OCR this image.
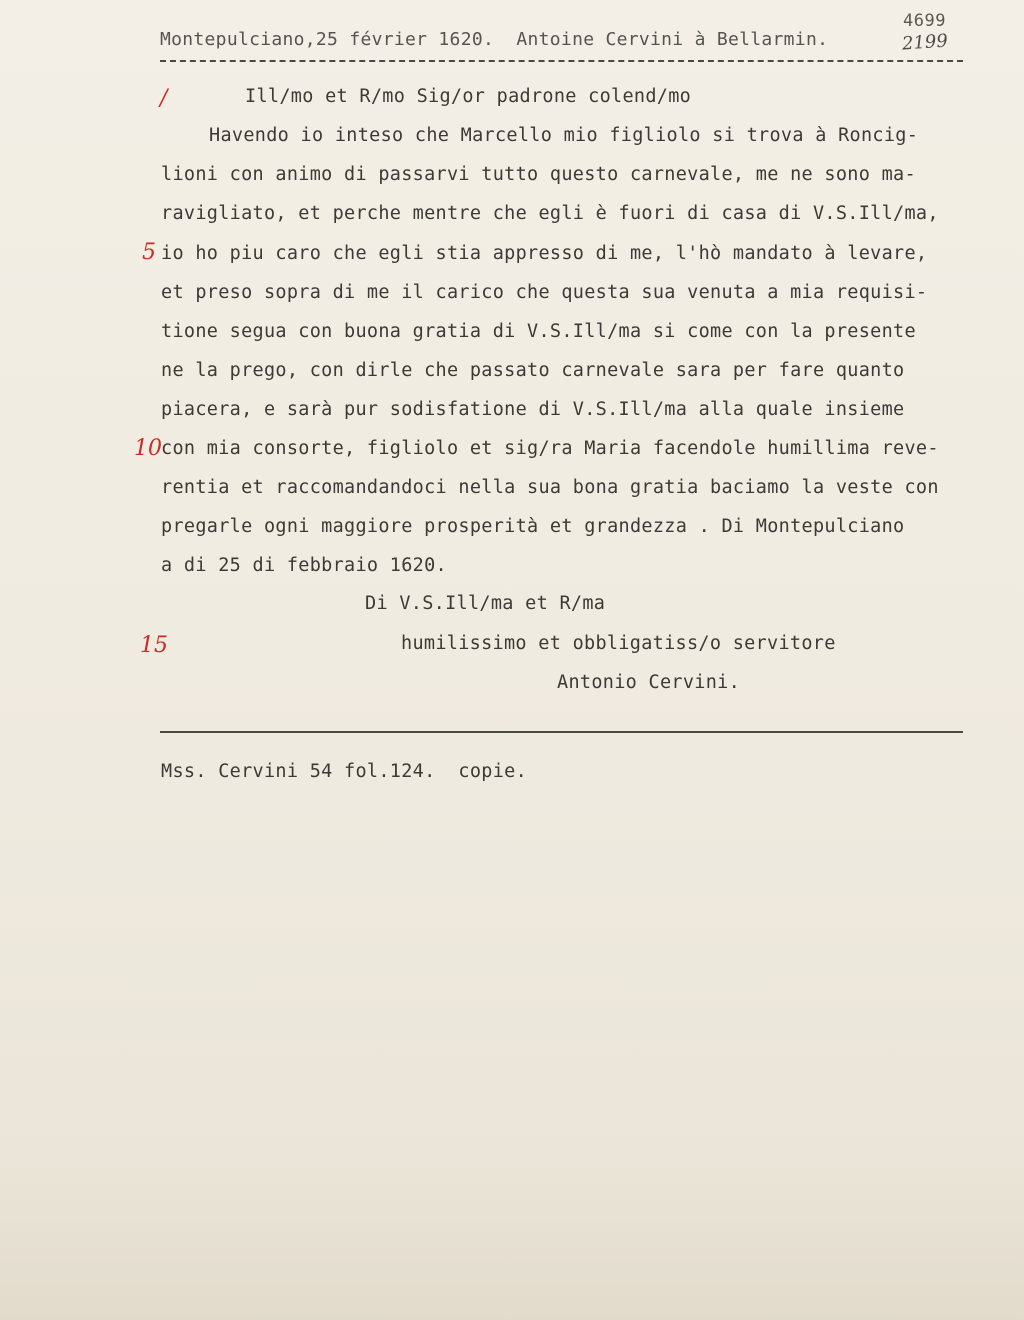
4699
Montepulciano,25 février 1620.  Antoine Cervini à Bellarmin.	2199
/
5
10
15
Ill/mo et R/mo Sig/or padrone colend/mo
Havendo io inteso che Marcello mio figliolo si trova à Roncig-
lioni con animo di passarvi tutto questo carnevale, me ne sono ma-
ravigliato, et perche mentre che egli è fuori di casa di V.S.Ill/ma,
io ho piu caro che egli stia appresso di me, l'hò mandato à levare,
et preso sopra di me il carico che questa sua venuta a mia requisi-
tione segua con buona gratia di V.S.Ill/ma si come con la presente
ne la prego, con dirle che passato carnevale sara per fare quanto
piacera, e sarà pur sodisfatione di V.S.Ill/ma alla quale insieme
con mia consorte, figliolo et sig/ra Maria facendole humillima reve-
rentia et raccomandandoci nella sua bona gratia baciamo la veste con
pregarle ogni maggiore prosperità et grandezza . Di Montepulciano
a di 25 di febbraio 1620.
Di V.S.Ill/ma et R/ma
humilissimo et obbligatiss/o servitore
Antonio Cervini.
Mss. Cervini 54 fol.124.  copie.
